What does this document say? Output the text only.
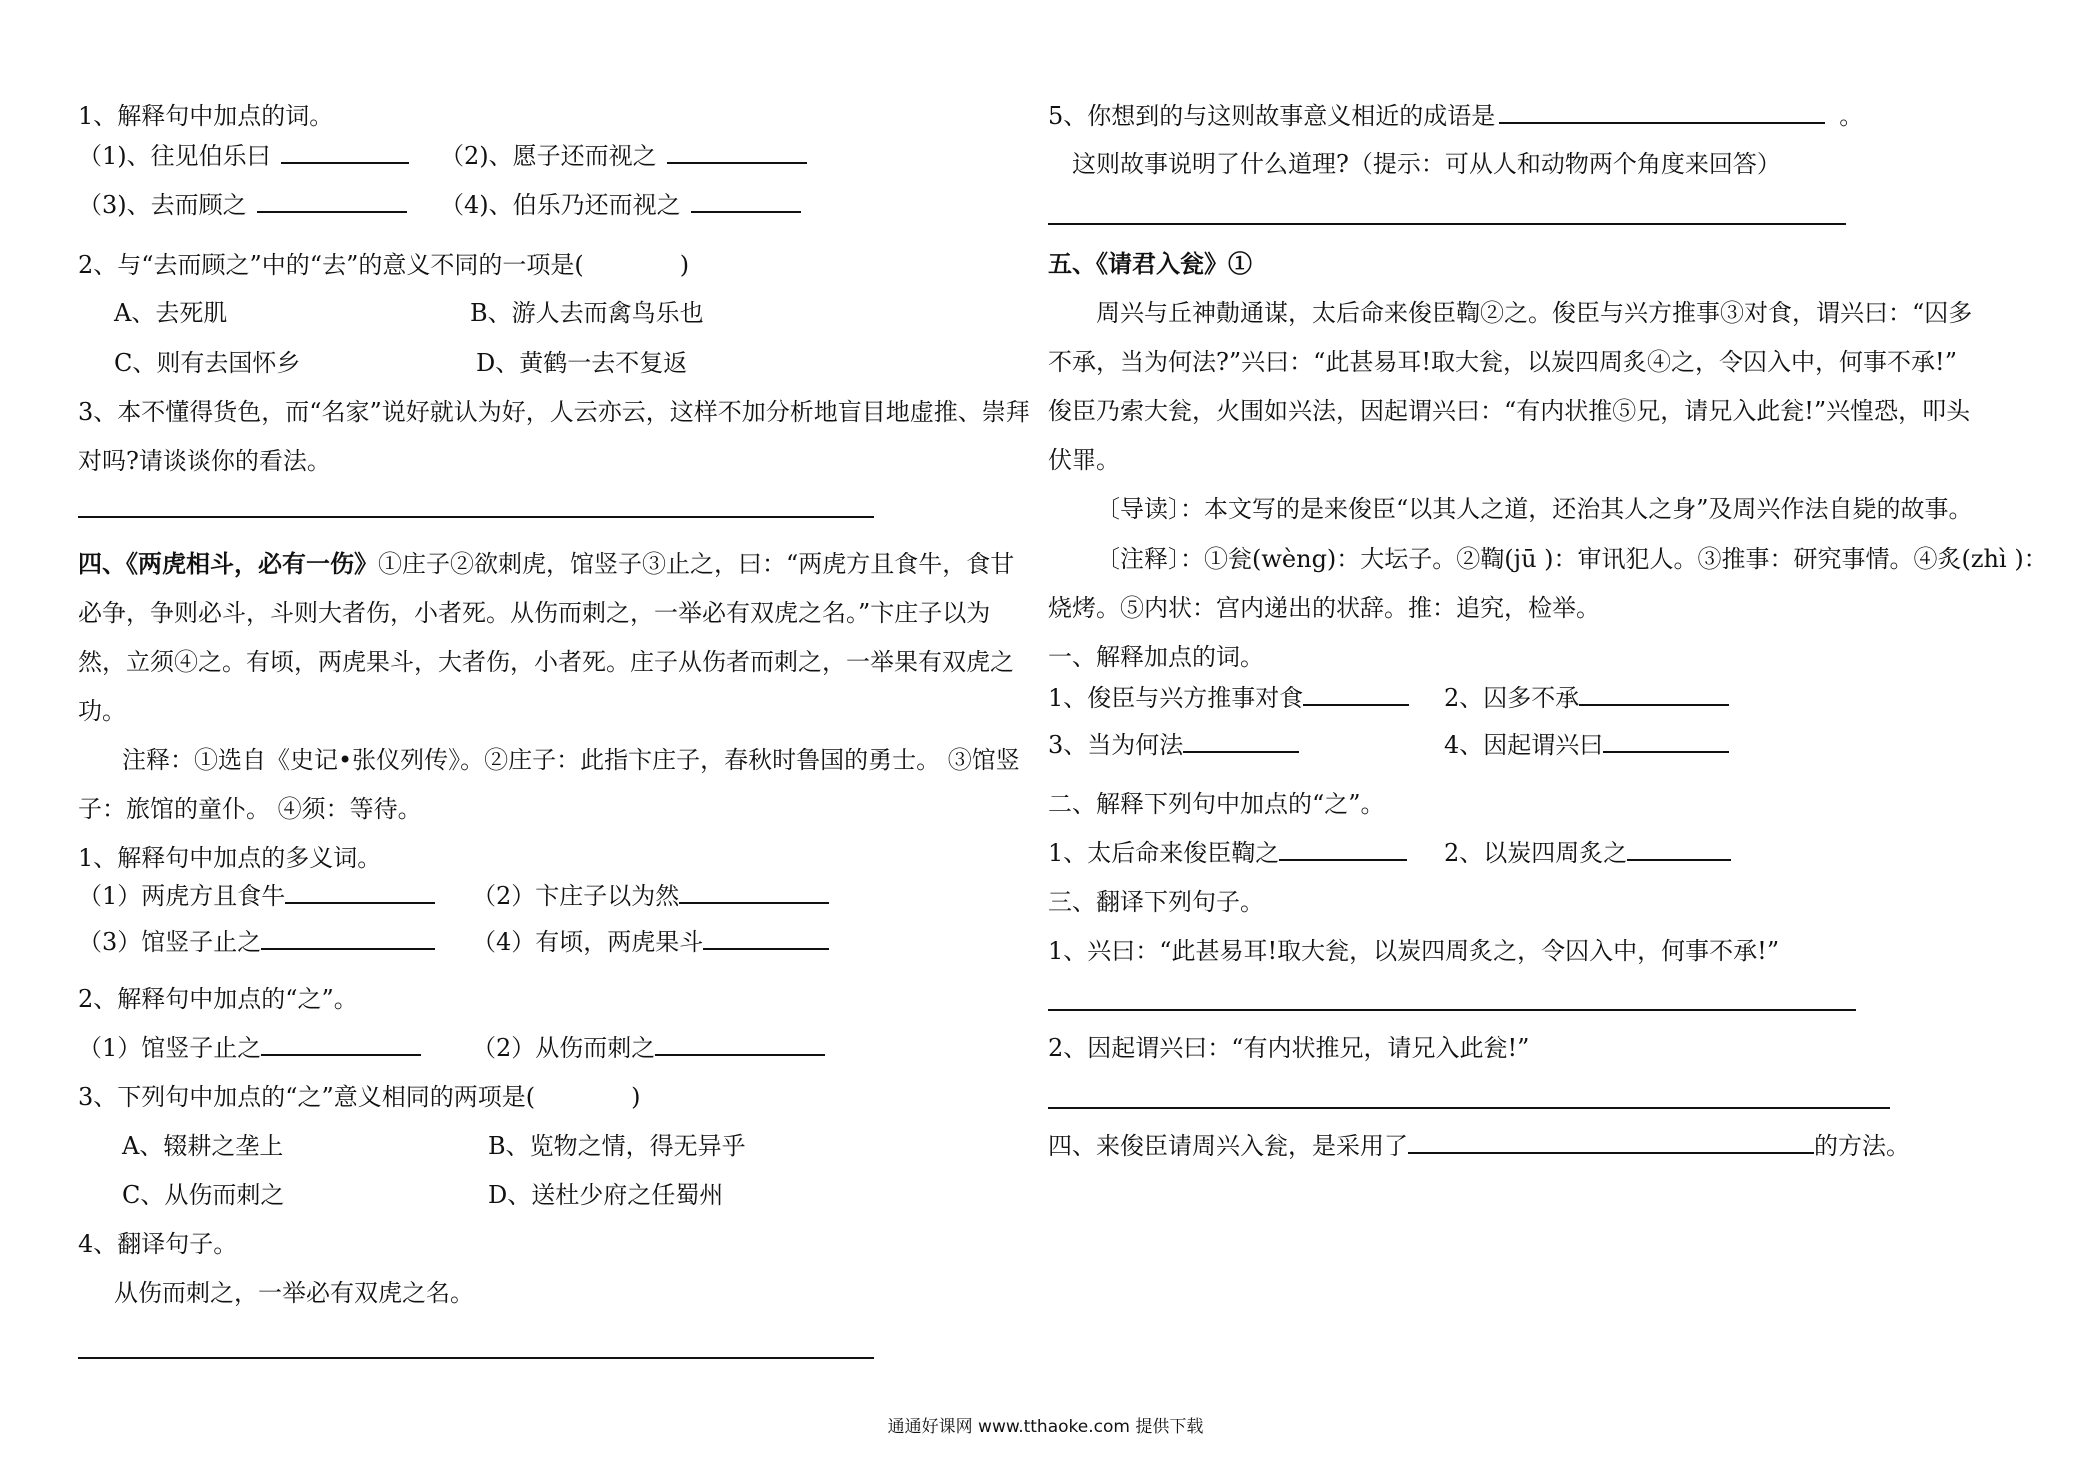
1、解释句中加点的词。
（1)、往见伯乐曰	（2)、愿子还而视之
（3)、去而顾之	（4)、伯乐乃还而视之
2、与“去而顾之”中的“去”的意义不同的一项是(　　　　)
A、去死肌	B、游人去而禽鸟乐也
C、则有去国怀乡	D、黄鹤一去不复返
3、本不懂得货色，而“名家”说好就认为好，人云亦云，这样不加分析地盲目地虚推、崇拜
对吗?请谈谈你的看法。
四、《两虎相斗，必有一伤》①庄子②欲刺虎，馆竖子③止之，曰：“两虎方且食牛，食甘
必争，争则必斗，斗则大者伤，小者死。从伤而刺之，一举必有双虎之名。”卞庄子以为
然，立须④之。有顷，两虎果斗，大者伤，小者死。庄子从伤者而刺之，一举果有双虎之
功。
注释：①选自《史记•张仪列传》。②庄子：此指卞庄子，春秋时鲁国的勇士。 ③馆竖
子：旅馆的童仆。 ④须：等待。
1、解释句中加点的多义词。
（1）两虎方且食牛	（2）卞庄子以为然
（3）馆竖子止之	（4）有顷，两虎果斗
2、解释句中加点的“之”。
（1）馆竖子止之	（2）从伤而刺之
3、下列句中加点的“之”意义相同的两项是(　　　　)
A、辍耕之垄上	B、览物之情，得无异乎
C、从伤而刺之	D、送杜少府之任蜀州
4、翻译句子。
从伤而刺之，一举必有双虎之名。
5、你想到的与这则故事意义相近的成语是	。
这则故事说明了什么道理?（提示：可从人和动物两个角度来回答）
五、《请君入瓮》①
周兴与丘神勣通谋，太后命来俊臣鞫②之。俊臣与兴方推事③对食，谓兴曰：“囚多
不承，当为何法?”兴曰：“此甚易耳!取大瓮，以炭四周炙④之，令囚入中，何事不承!”
俊臣乃索大瓮，火围如兴法，因起谓兴曰：“有内状推⑤兄，请兄入此瓮!”兴惶恐，叩头
伏罪。
〔导读〕：本文写的是来俊臣“以其人之道，还治其人之身”及周兴作法自毙的故事。
〔注释〕：①瓮(wèng)：大坛子。②鞫(jū )：审讯犯人。③推事：研究事情。④炙(zhì )：
烧烤。⑤内状：宫内递出的状辞。推：追究，检举。
一、解释加点的词。
1、俊臣与兴方推事对食	2、囚多不承
3、当为何法	4、因起谓兴曰
二、解释下列句中加点的“之”。
1、太后命来俊臣鞫之	2、以炭四周炙之
三、翻译下列句子。
1、兴曰：“此甚易耳!取大瓮，以炭四周炙之，令囚入中，何事不承!”
2、因起谓兴曰：“有内状推兄，请兄入此瓮!”
四、来俊臣请周兴入瓮，是采用了	的方法。
通通好课网 www.tthaoke.com 提供下载
